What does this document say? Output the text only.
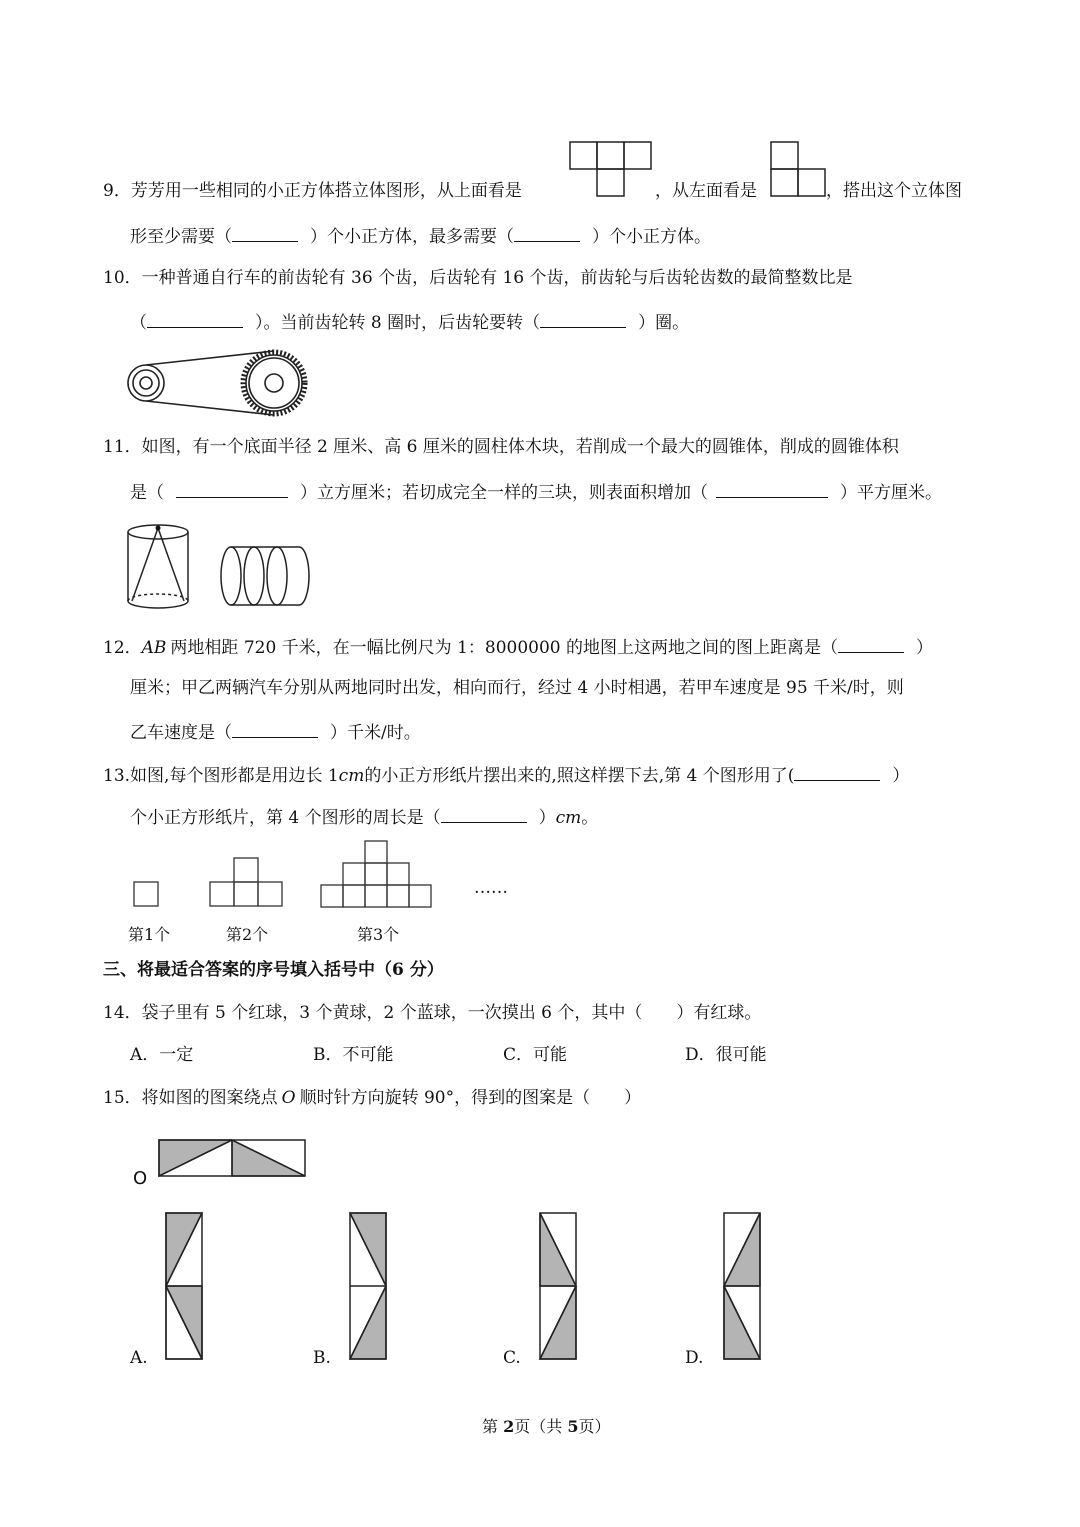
9．芳芳用一些相同的小正方体搭立体图形，从上面看是	，从左面看是	，搭出这个立体图
形至少需要（	）个小正方体，最多需要（	）个小正方体。
10．一种普通自行车的前齿轮有 36 个齿，后齿轮有 16 个齿，前齿轮与后齿轮齿数的最简整数比是
（	）。当前齿轮转 8 圈时，后齿轮要转（	）圈。
11．如图，有一个底面半径 2 厘米、高 6 厘米的圆柱体木块，若削成一个最大的圆锥体，削成的圆锥体积
是（	）立方厘米；若切成完全一样的三块，则表面积增加（	）平方厘米。
12．AB 两地相距 720 千米，在一幅比例尺为 1：8000000 的地图上这两地之间的图上距离是（	）
厘米；甲乙两辆汽车分别从两地同时出发，相向而行，经过 4 小时相遇，若甲车速度是 95 千米/时，则
乙车速度是（	）千米/时。
13.如图,每个图形都是用边长 1cm的小正方形纸片摆出来的,照这样摆下去,第 4 个图形用了(	）
个小正方形纸片，第 4 个图形的周长是（	）cm。
……
第1个	第2个	第3个
三、将最适合答案的序号填入括号中（6 分）
14．袋子里有 5 个红球，3 个黄球，2 个蓝球，一次摸出 6 个，其中（　　）有红球。
A．一定	B．不可能	C．可能	D．很可能
15．将如图的图案绕点 O 顺时针方向旋转 90°，得到的图案是（　　）
O
A.	B.	C.	D.
第 2页（共 5页）
